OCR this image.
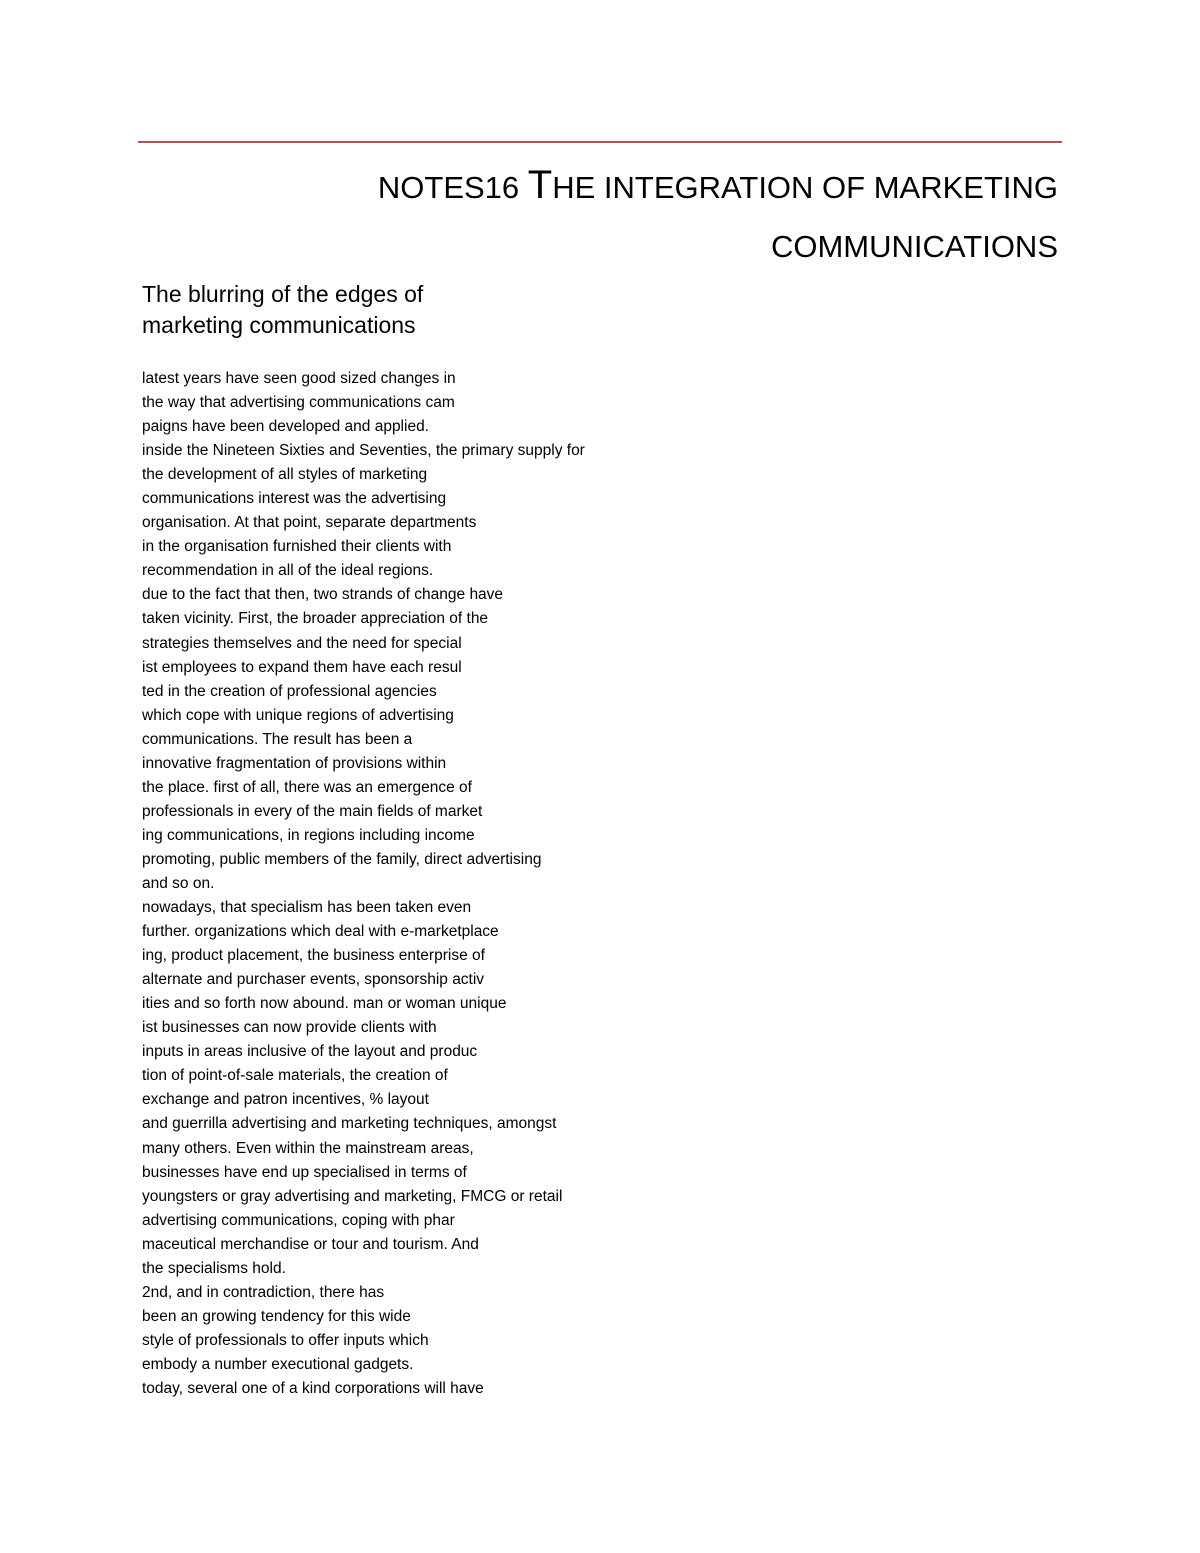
NOTES16 THE INTEGRATION OF MARKETING
COMMUNICATIONS
The blurring of the edges of
marketing communications
latest years have seen good sized changes in
the way that advertising communications cam
paigns have been developed and applied.
inside the Nineteen Sixties and Seventies, the primary supply for
the development of all styles of marketing
communications interest was the advertising
organisation. At that point, separate departments
in the organisation furnished their clients with
recommendation in all of the ideal regions.
due to the fact that then, two strands of change have
taken vicinity. First, the broader appreciation of the
strategies themselves and the need for special
ist employees to expand them have each resul
ted in the creation of professional agencies
which cope with unique regions of advertising
communications. The result has been a
innovative fragmentation of provisions within
the place. first of all, there was an emergence of
professionals in every of the main fields of market
ing communications, in regions including income
promoting, public members of the family, direct advertising
and so on.
nowadays, that specialism has been taken even
further. organizations which deal with e-marketplace
ing, product placement, the business enterprise of
alternate and purchaser events, sponsorship activ
ities and so forth now abound. man or woman unique
ist businesses can now provide clients with
inputs in areas inclusive of the layout and produc
tion of point-of-sale materials, the creation of
exchange and patron incentives, % layout
and guerrilla advertising and marketing techniques, amongst
many others. Even within the mainstream areas,
businesses have end up specialised in terms of
youngsters or gray advertising and marketing, FMCG or retail
advertising communications, coping with phar
maceutical merchandise or tour and tourism. And
the specialisms hold.
2nd, and in contradiction, there has
been an growing tendency for this wide
style of professionals to offer inputs which
embody a number executional gadgets.
today, several one of a kind corporations will have
